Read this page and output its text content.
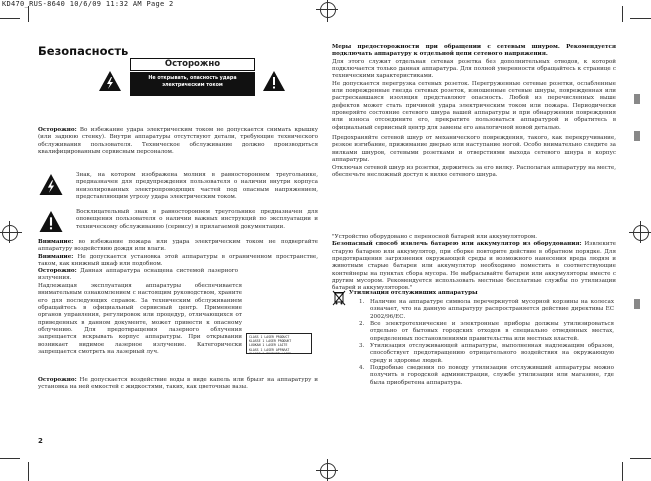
KD470_RUS-8640 10/6/09 11:32 AM Page 2
Безопасность
Осторожно
Не открывать, опасность удара электрическим током

Осторожно: Во избежание удара электрическим током не допускается снимать крышку (или заднюю стенку). Внутри аппаратуры отсутствуют детали, требующие технического обслуживания пользователя. Техническое обслуживание должно производиться квалифицированным сервисным персоналом.

Знак, на котором изображена молния в равностороннем треугольнике, предназначен для предупреждения пользователя о наличии внутри корпуса неизолированных электропроводящих частей под опасным напряжением, представляющим угрозу удара электрическим током.

Восклицательный знак в равностороннем треугольнике предназначен для оповещения пользователя о наличии важных инструкций по эксплуатации и техническому обслуживанию (сервису) в прилагаемой документации.

Внимание: во избежание пожара или удара электрическим током не подвергайте аппаратуру воздействию дождя или влаги.

Внимание: Не допускается установка этой аппаратуры в ограниченном пространстве, таком, как книжный шкаф или подобном.

Осторожно: Данная аппаратура оснащена системой лазерного излучения.

Надлежащая эксплуатация аппаратуры обеспечивается внимательным ознакомлением с настоящим руководством, храните его для последующих справок. За техническим обслуживанием обращайтесь в официальный сервисный центр. Применение органов управления, регулировок или процедур, отличающихся от приведенных в данном документе, может привести к опасному облучению. Для предотвращения лазерного облучения запрещается вскрывать корпус аппаратуры. При открывании возникает видимое лазерное излучение. Категорически запрещается смотреть на лазерный луч.

CLASS 1 LASER PRODUCT
KLASSE 1 LASER PRODUKT
LUOKAN 1 LASER LAITE
KLASS 1 LASER APPARAT
CLASSE 1 PRODUIT LASER

Осторожно: Не допускается воздействие воды в виде капель или брызг на аппаратуру и установка на ней емкостей с жидкостями, таких, как цветочные вазы.

Меры предосторожности при обращении с сетевым шнуром. Рекомендуется подключать аппаратуру к отдельной цепи сетевого напряжения.

Для этого служит отдельная сетевая розетка без дополнительных отводов, к которой подключается только данная аппаратура. Для полной уверенности обращайтесь к странице с техническими характеристиками.

Не допускается перегрузка сетевых розеток. Перегруженные сетевые розетки, ослабленные или поврежденные гнезда сетевых розеток, изношенные сетевые шнуры, поврежденная или растрескавшаяся изоляция представляют опасность. Любой из перечисленных выше дефектов может стать причиной удара электрическим током или пожара. Периодически проверяйте состояние сетевого шнура вашей аппаратуры и при обнаружении повреждения или износа отсоедините его, прекратите пользоваться аппаратурой и обратитесь в официальный сервисный центр для замены его аналогичной новой деталью.

Предохраняйте сетевой шнур от механического повреждения, такого, как перекручивание, резкое изгибание, прижимание дверью или наступание ногой. Особо внимательно следите за вилками шнуров, сетевыми розетками и отверстиями выхода сетевого шнура в корпус аппаратуры.

Отключая сетевой шнур из розетки, держитесь за его вилку. Располагая аппаратуру на месте, обеспечьте несложный доступ к вилке сетевого шнура.

"Устройство оборудовано с переносной батарей или аккумулятором.

Безопасный способ извлечь батарею или аккумулятор из оборудования: Извлеките старую батарею или аккумулятор, при сборке повторите действие в обратном порядке. Для предотвращения загрязнения окружающей среды и возможного нанесения вреда людям и животным старые батареи или аккумулятор необходимо поместить в соответствующие контейнеры на пунктах сбора мусора. Не выбрасывайте батареи или аккумуляторы вместе с другим мусором. Рекомендуется использовать местные бесплатные службы по утилизации батарей и аккумуляторов."

Утилизация отслуживших аппаратуры

1. Наличие на аппаратуре символа перечеркнутой мусорной корзины на колесах означает, что на данную аппаратуру распространяется действие директивы ЕС 2002/96/ЕС.
2. Все электротехнические и электронные приборы должны утилизироваться отдельно от бытовых городских отходов в специально отведенных местах, определенных постановлениями правительства или местных властей.
3. Утилизация отслуживающей аппаратуры, выполненная надлежащим образом, способствует предотвращению отрицательного воздействия на окружающую среду и здоровье людей.
4. Подробные сведения по поводу утилизации отслуживший аппаратуры можно получить в городской администрации, службе утилизации или магазине, где была приобретена аппаратура.
2
